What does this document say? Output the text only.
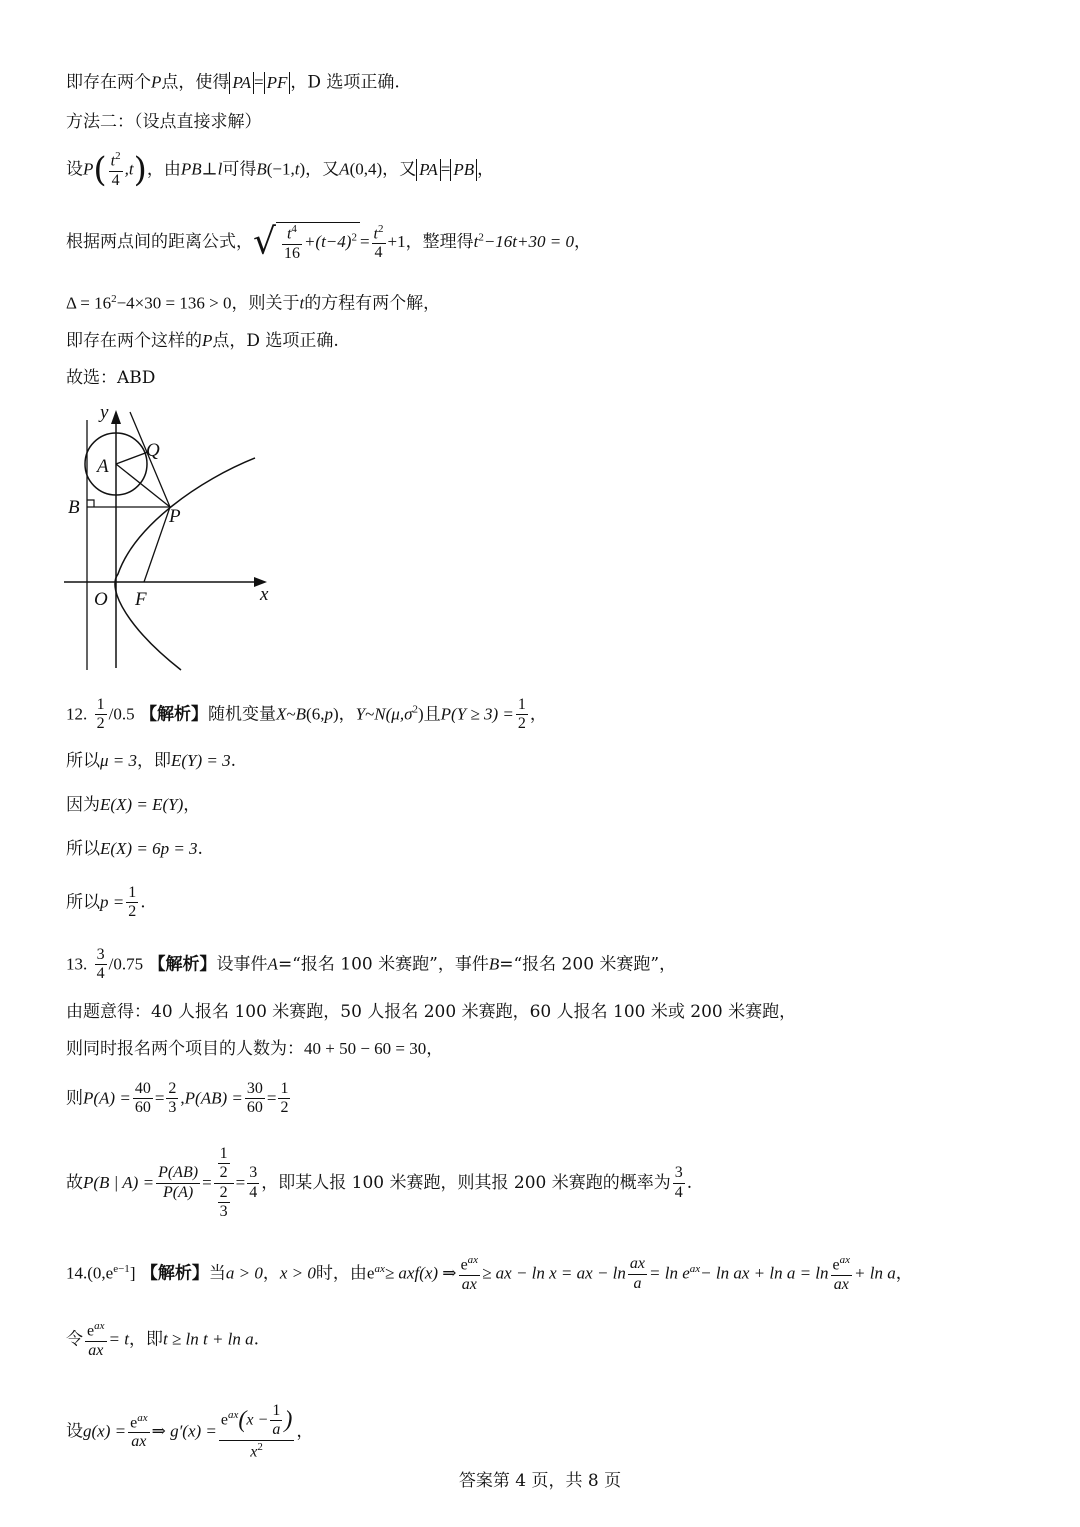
即存在两个P点，使得 PA = PF ，D 选项正确.
方法二：（设点直接求解）
设$P( \frac{t^2}{4} ,t)$，由PB⊥l可得B(−1,t)，又A(0,4)，又 PA = PB ，
根据两点间的距离公式，√ $\frac{t^4}{16} +(t-4)^2 = \frac{t^2}{4} +1$，整理得$t^2-16t+30 = 0$，
$\Delta = 16^2-4\times 30 = 136 > 0$，则关于t的方程有两个解，
即存在两个这样的P点，D 选项正确.
故选：ABD
y
x
A
Q
B	P
O F
12. $\frac{1}{2} /0.5$ 【解析】随机变量X~B(6,p)，$Y\sim N(\mu,\sigma^2)$且$P(Y \ge 3) = \frac{1}{2}$ ，
所以μ = 3，即E(Y) = 3.
因为E(X) = E(Y)，
所以E(X) = 6p = 3.
所以$p = \frac{1}{2}$ .
13. $\frac{3}{4} /0.75$ 【解析】设事件A=“报名 100 米赛跑”，事件B=“报名 200 米赛跑”，
由题意得：40 人报名 100 米赛跑，50 人报名 200 米赛跑，60 人报名 100 米或 200 米赛跑，
则同时报名两个项目的人数为：40 + 50 − 60 = 30，
则$P(A) = \frac{40}{60} = \frac{2}{3} ,P(AB) = \frac{30}{60} = \frac{1}{2}$
故P(B | $A) = \frac{P(AB)}{P(A)} = \frac{\frac{1}{2}}{\frac{2}{3}} = \frac{3}{4}$ ，即某人报 100 米赛跑，则其报 200 米赛跑的概率为 $\frac{3}{4}$ .
$14.(0,e^{e-1}]$ 【解析】当a > 0，x > 0时，由$e^{ax}\ge axf(x)$ ⇒ $\frac{e^{ax}}{ax}$ ≥ ax − ln x = ax − $\ln \frac{ax}{a} = \ln e^{ax}- \ln$ ax + $\ln a = \ln \frac{e^{ax}}{ax} + \ln a$，
令 $\frac{e^{ax}}{ax} = t$，即t ≥ ln t + ln a.
设$g(x) = \frac{e^{ax}}{ax}$ ⇒ $g'(x) = \frac{e^{ax}(x - \frac{1}{a} )}{x^2}$ ，
答案第 4 页，共 8 页
